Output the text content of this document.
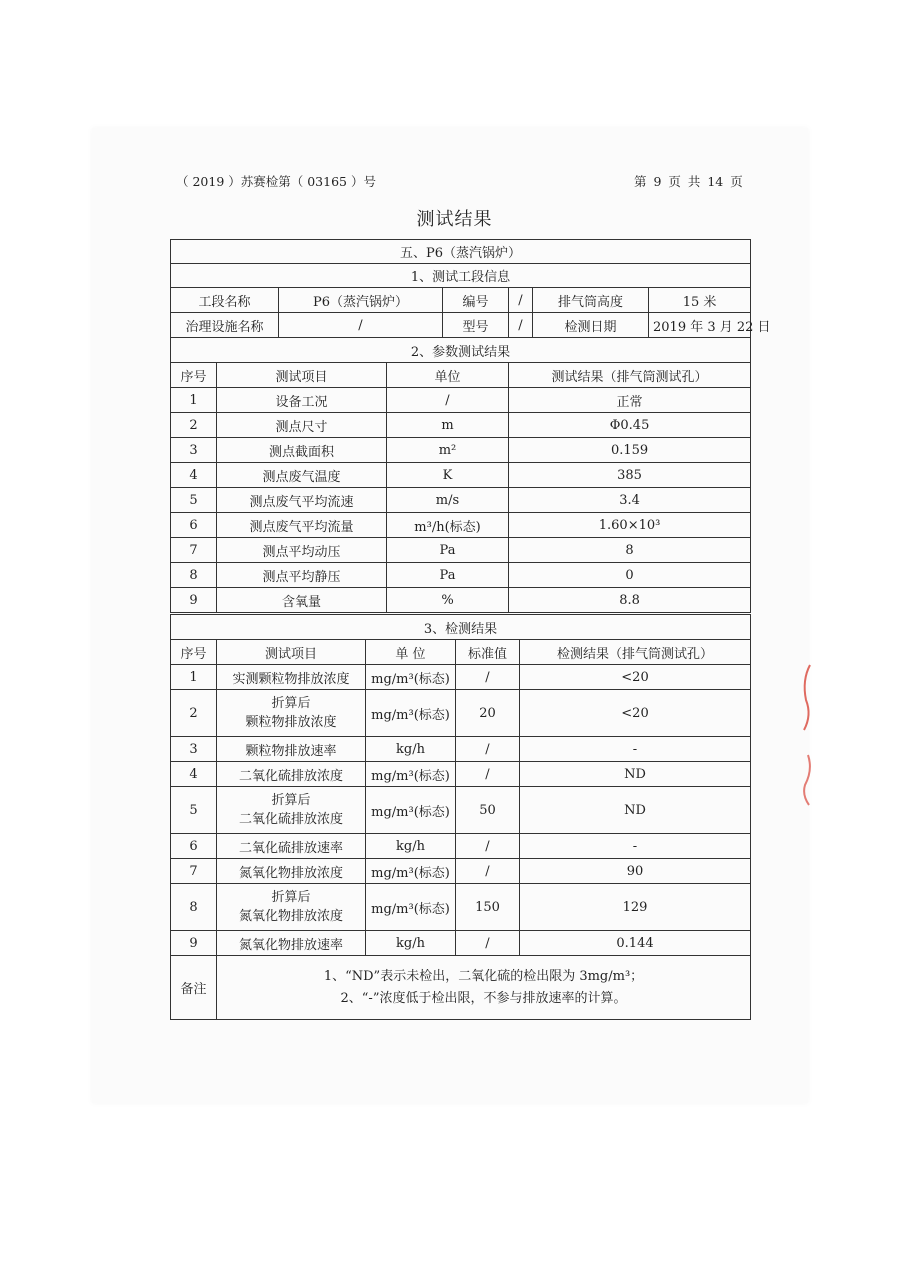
（ 2019 ）苏赛检第（ 03165 ）号	第 9 页 共 14 页
测试结果
五、P6（蒸汽锅炉）							
1、测试工段信息							
工段名称		P6（蒸汽锅炉）		编号	/	排气筒高度	15 米
治理设施名称		/		型号	/	检测日期	2019 年 3 月 22 日
2、参数测试结果							
序号	测试项目		单位		测试结果（排气筒测试孔）		
1	设备工况		/		正常		
2	测点尺寸		m		Φ0.45		
3	测点截面积		m²		0.159		
4	测点废气温度		K		385		
5	测点废气平均流速		m/s		3.4		
6	测点废气平均流量		m³/h(标态)		1.60×10³		
7	测点平均动压		Pa		8		
8	测点平均静压		Pa		0		
9	含氧量		%		8.8		
3、检测结果				
序号	测试项目	单 位	标准值	检测结果（排气筒测试孔）
1	实测颗粒物排放浓度	mg/m³(标态)	/	<20
2	折算后
颗粒物排放浓度	mg/m³(标态)	20	<20
3	颗粒物排放速率	kg/h	/	-
4	二氧化硫排放浓度	mg/m³(标态)	/	ND
5	折算后
二氧化硫排放浓度	mg/m³(标态)	50	ND
6	二氧化硫排放速率	kg/h	/	-
7	氮氧化物排放浓度	mg/m³(标态)	/	90
8	折算后
氮氧化物排放浓度	mg/m³(标态)	150	129
9	氮氧化物排放速率	kg/h	/	0.144
备注	1、“ND”表示未检出，二氧化硫的检出限为 3mg/m³；
2、“-”浓度低于检出限，不参与排放速率的计算。			
